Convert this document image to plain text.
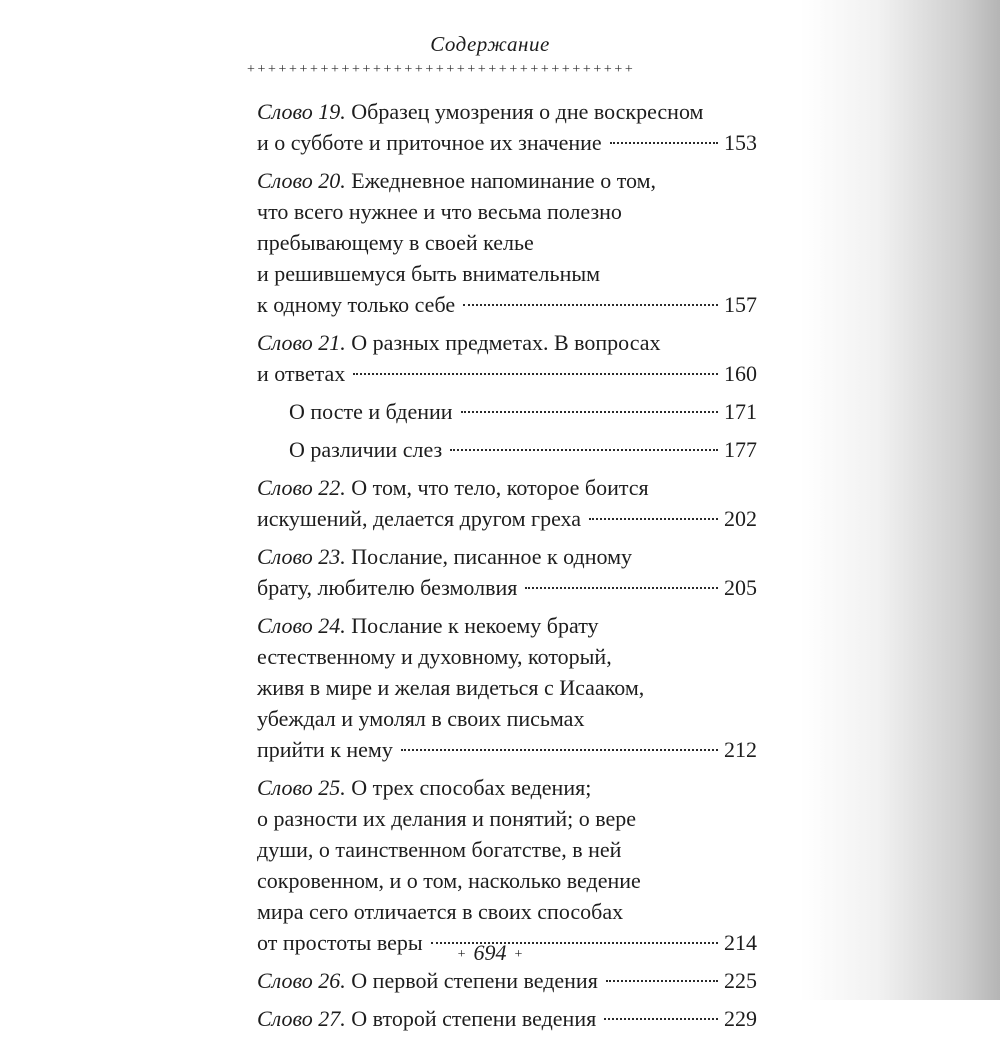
Содержание
+++++++++++++++++++++++++++++++++++++
Слово 19. Образец умозрения о дне воскресном
и о субботе и приточное их значение	153
Слово 20. Ежедневное напоминание о том,
что всего нужнее и что весьма полезно
пребывающему в своей келье
и решившемуся быть внимательным
к одному только себе	157
Слово 21. О разных предметах. В вопросах
и ответах	160
О посте и бдении	171
О различии слез	177
Слово 22. О том, что тело, которое боится
искушений, делается другом греха	202
Слово 23. Послание, писанное к одному
брату, любителю безмолвия	205
Слово 24. Послание к некоему брату
естественному и духовному, который,
живя в мире и желая видеться с Исааком,
убеждал и умолял в своих письмах
прийти к нему	212
Слово 25. О трех способах ведения;
о разности их делания и понятий; о вере
души, о таинственном богатстве, в ней
сокровенном, и о том, насколько ведение
мира сего отличается в своих способах
от простоты веры	214
Слово 26. О первой степени ведения	225
Слово 27. О второй степени ведения	229
+ 694 +
